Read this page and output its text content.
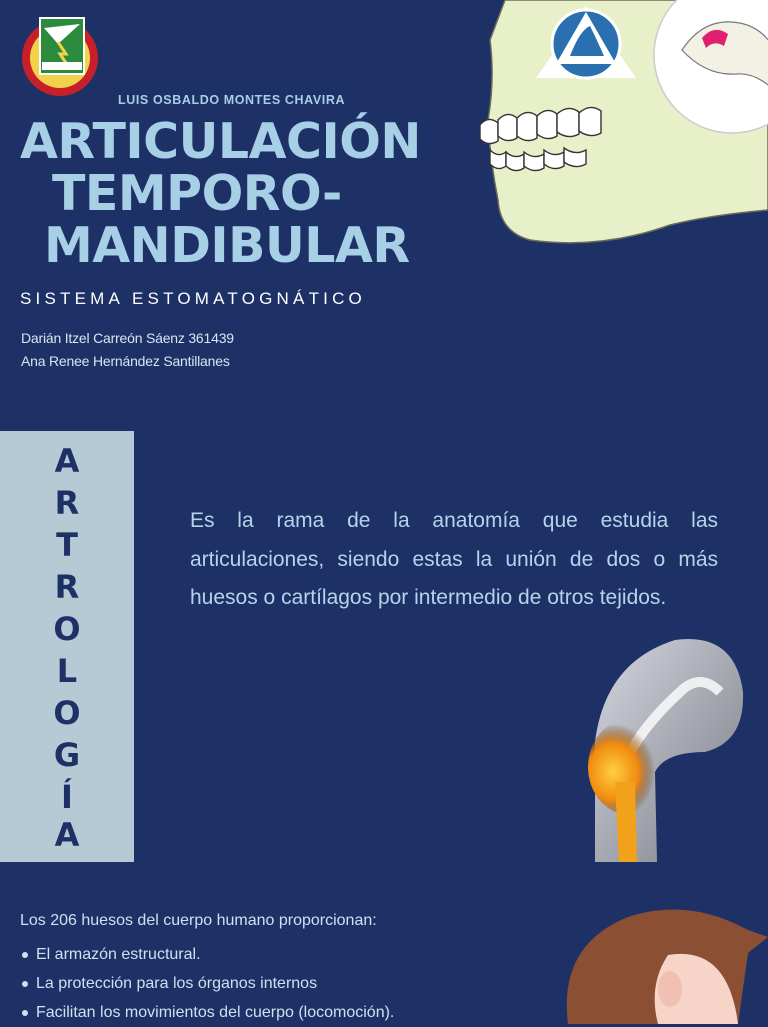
LUIS OSBALDO MONTES CHAVIRA
ARTICULACIÓN
TEMPORO-
MANDIBULAR
SISTEMA ESTOMATOGNÁTICO
Darián Itzel Carreón Sáenz 361439
Ana Renee Hernández Santillanes
A
R
T
R
O
L
O
G
Í
A
Es la rama de la anatomía que estudia las articulaciones, siendo estas la unión de dos o más huesos o cartílagos por intermedio de otros tejidos.
Los 206 huesos del cuerpo humano proporcionan:
El armazón estructural.
La protección para los órganos internos
Facilitan los movimientos del cuerpo (locomoción).
